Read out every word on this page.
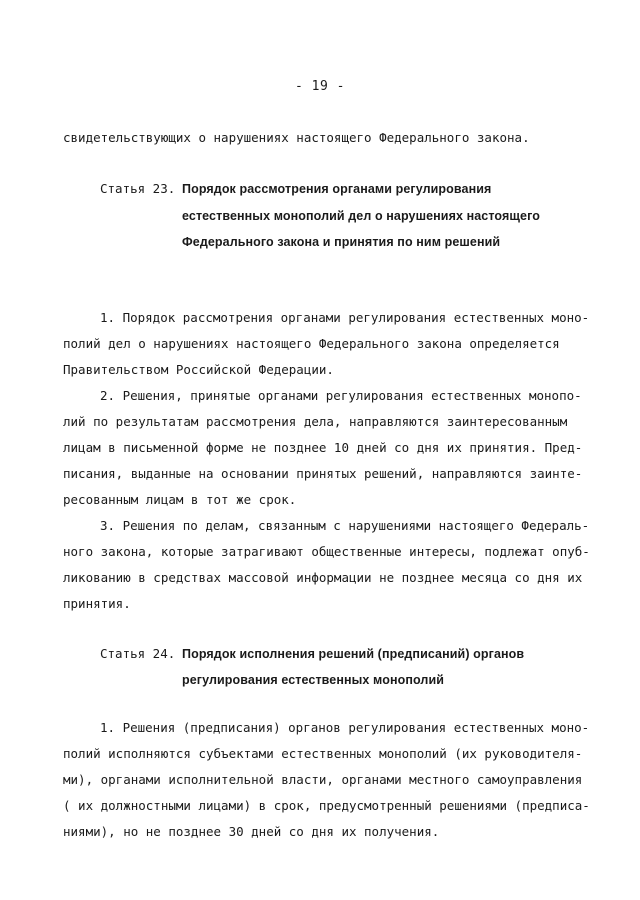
- 19 -
свидетельствующих о нарушениях настоящего Федерального закона.
Статья 23. Порядок рассмотрения органами регулирования
естественных монополий дел о нарушениях настоящего
Федерального закона и принятия по ним решений
1. Порядок рассмотрения органами регулирования естественных моно-
полий дел о нарушениях настоящего Федерального закона определяется
Правительством Российской Федерации.
2. Решения, принятые органами регулирования естественных монопо-
лий по результатам рассмотрения дела, направляются заинтересованным
лицам в письменной форме не позднее 10 дней со дня их принятия. Пред-
писания, выданные на основании принятых решений, направляются заинте-
ресованным лицам в тот же срок.
3. Решения по делам, связанным с нарушениями настоящего Федераль-
ного закона, которые затрагивают общественные интересы, подлежат опуб-
ликованию в средствах массовой информации не позднее месяца со дня их
принятия.
Статья 24. Порядок исполнения решений (предписаний) органов
регулирования естественных монополий
1. Решения (предписания) органов регулирования естественных моно-
полий исполняются субъектами естественных монополий (их руководителя-
ми), органами исполнительной власти, органами местного самоуправления
( их должностными лицами) в срок, предусмотренный решениями (предписа-
ниями), но не позднее 30 дней со дня их получения.
